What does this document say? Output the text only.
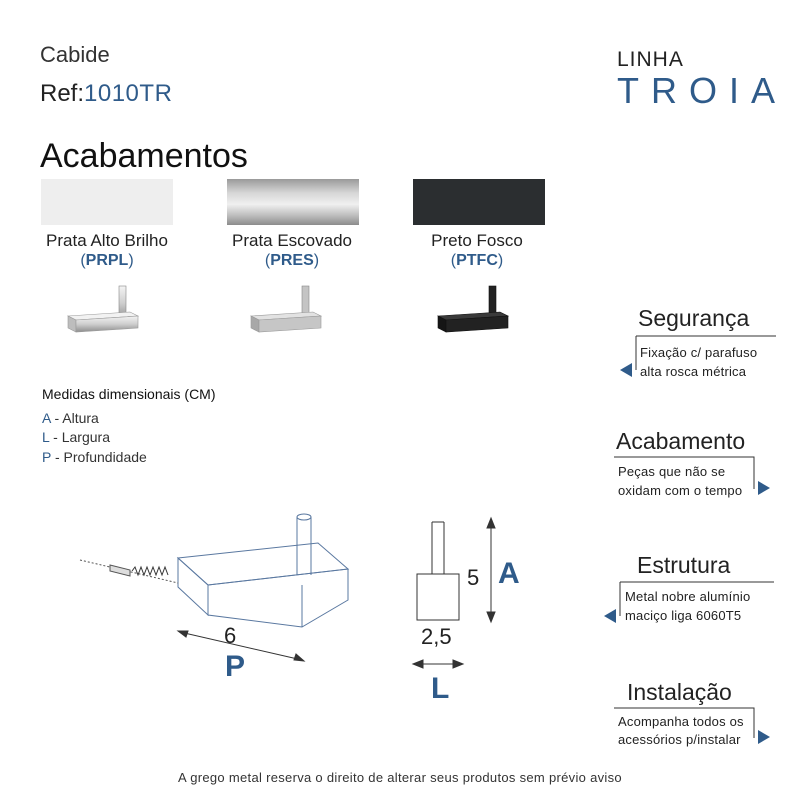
Cabide
Ref:1010TR
LINHA
TROIA
Acabamentos
Prata Alto Brilho	Prata Escovado	Preto Fosco
(PRPL)	(PRES)	(PTFC)
Medidas dimensionais (CM)
A - Altura
L - Largura
P - Profundidade
6
P
5 A
2,5
L
Segurança
Fixação c/ parafuso
alta rosca métrica
Acabamento
Peças que não se
oxidam com o tempo
Estrutura
Metal nobre alumínio
maciço liga 6060T5
Instalação
Acompanha todos os
acessórios p/instalar
A grego metal reserva o direito de alterar seus produtos sem prévio aviso
